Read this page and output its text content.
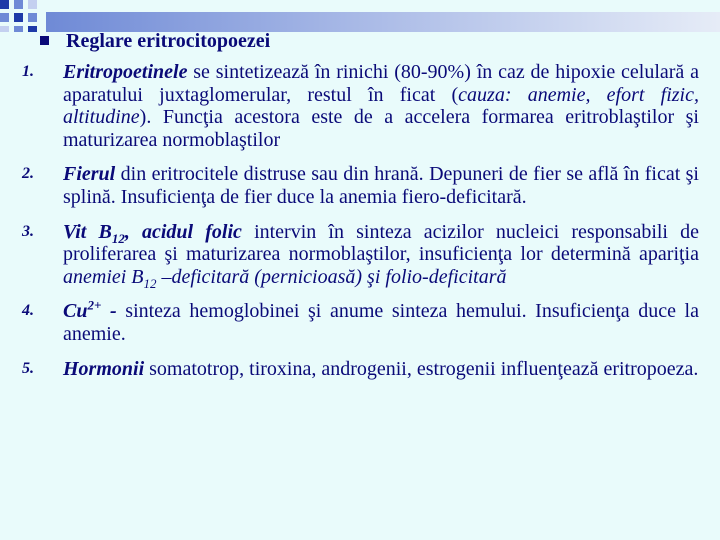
Reglare eritrocitopoezei
1. Eritropoetinele se sintetizează în rinichi (80-90%) în caz de hipoxie celulară a aparatului juxtaglomerular, restul în ficat (cauza: anemie, efort fizic, altitudine). Funcţia acestora este de a accelera formarea eritroblaştilor şi maturizarea normoblaştilor
2. Fierul din eritrocitele distruse sau din hrană. Depuneri de fier se află în ficat şi splină. Insuficienţa de fier duce la anemia fiero-deficitară.
3. Vit $B_{12}$, acidul folic intervin în sinteza acizilor nucleici responsabili de proliferarea şi maturizarea normoblaştilor, insuficienţa lor determină apariţia anemiei $B_{12}$ –deficitară (pernicioasă) şi folio-deficitară
4. $Cu^{2+}$ - sinteza hemoglobinei şi anume sinteza hemului. Insuficienţa duce la anemie.
5. Hormonii somatotrop, tiroxina, androgenii, estrogenii influenţează eritropoeza.
